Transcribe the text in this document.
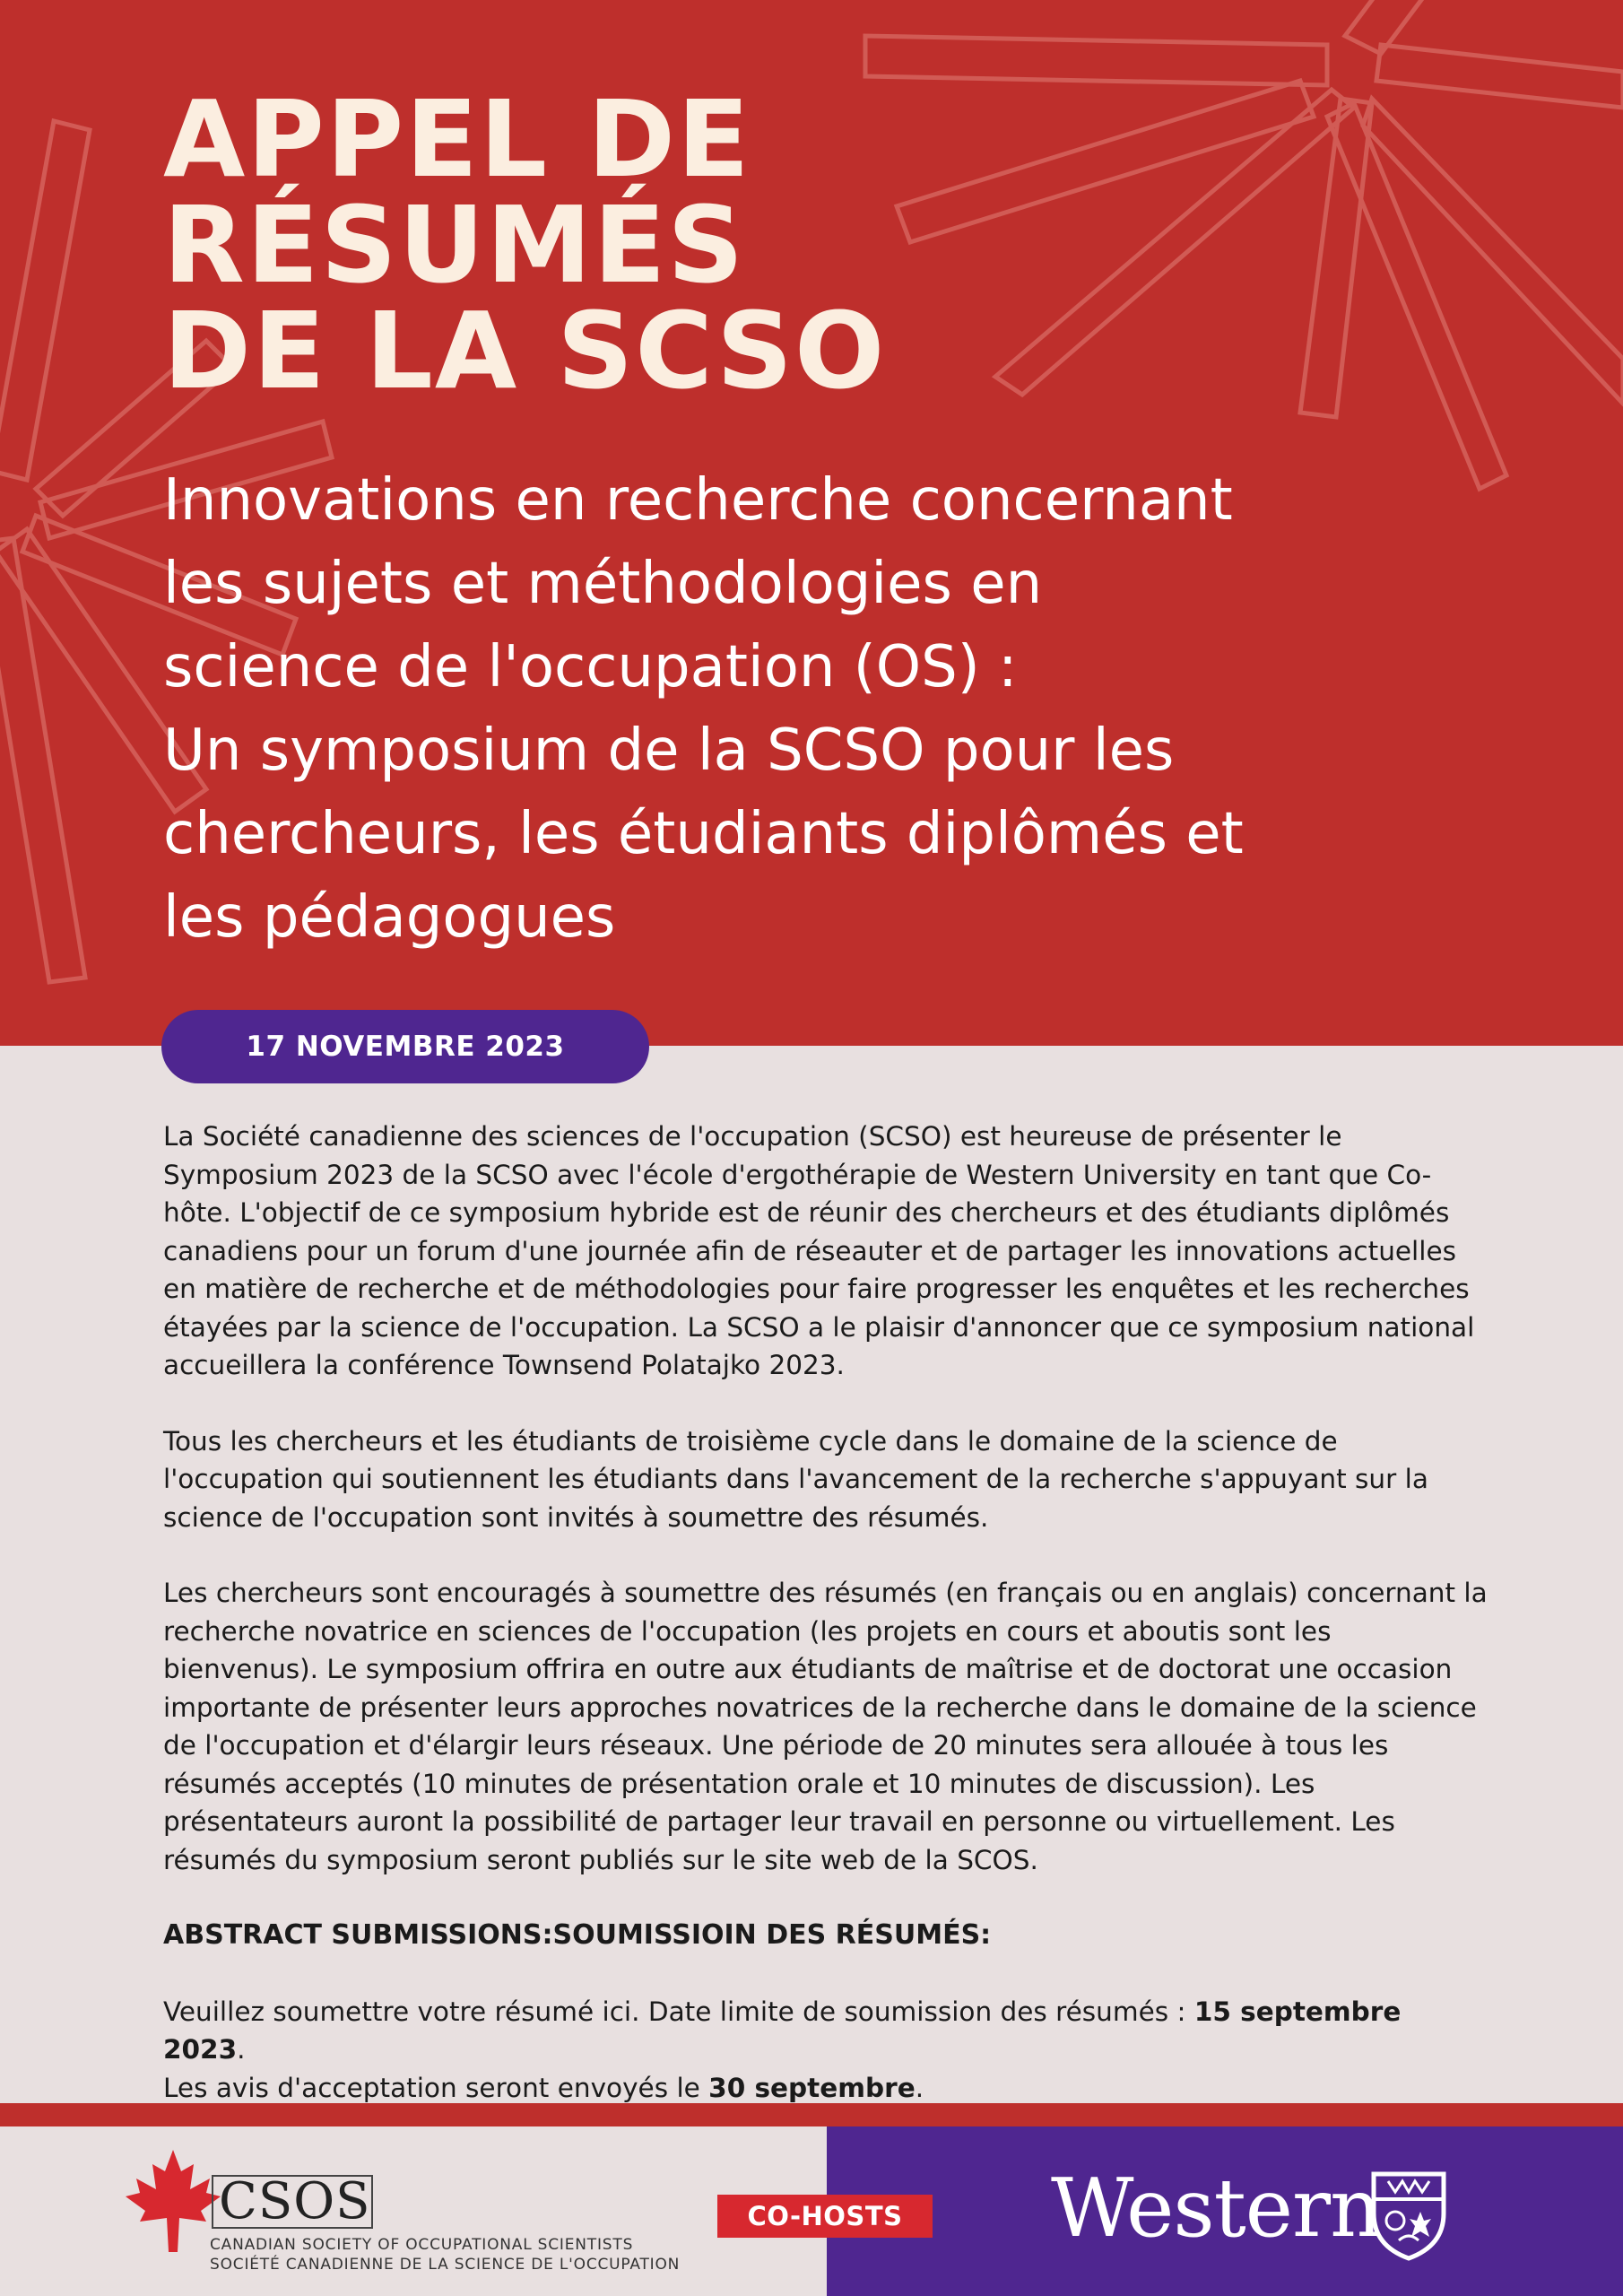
APPEL DE
RÉSUMÉS
DE LA SCSO
Innovations en recherche concernant
les sujets et méthodologies en
science de l'occupation (OS) :
Un symposium de la SCSO pour les
chercheurs, les étudiants diplômés et
les pédagogues
17 NOVEMBRE 2023

La Société canadienne des sciences de l'occupation (SCSO) est heureuse de présenter le Symposium 2023 de la SCSO avec l'école d'ergothérapie de Western University en tant que Co-hôte. L'objectif de ce symposium hybride est de réunir des chercheurs et des étudiants diplômés canadiens pour un forum d'une journée afin de réseauter et de partager les innovations actuelles en matière de recherche et de méthodologies pour faire progresser les enquêtes et les recherches étayées par la science de l'occupation. La SCSO a le plaisir d'annoncer que ce symposium national accueillera la conférence Townsend Polatajko 2023.

Tous les chercheurs et les étudiants de troisième cycle dans le domaine de la science de l'occupation qui soutiennent les étudiants dans l'avancement de la recherche s'appuyant sur la science de l'occupation sont invités à soumettre des résumés.

Les chercheurs sont encouragés à soumettre des résumés (en français ou en anglais) concernant la recherche novatrice en sciences de l'occupation (les projets en cours et aboutis sont les bienvenus). Le symposium offrira en outre aux étudiants de maîtrise et de doctorat une occasion importante de présenter leurs approches novatrices de la recherche dans le domaine de la science de l'occupation et d'élargir leurs réseaux. Une période de 20 minutes sera allouée à tous les résumés acceptés (10 minutes de présentation orale et 10 minutes de discussion). Les présentateurs auront la possibilité de partager leur travail en personne ou virtuellement. Les résumés du symposium seront publiés sur le site web de la SCOS.

ABSTRACT SUBMISSIONS:SOUMISSIOIN DES RÉSUMÉS:
Veuillez soumettre votre résumé ici. Date limite de soumission des résumés : 15 septembre 2023.
Les avis d'acceptation seront envoyés le 30 septembre.
CSOS
CANADIAN SOCIETY OF OCCUPATIONAL SCIENTISTS
SOCIÉTÉ CANADIENNE DE LA SCIENCE DE L'OCCUPATION
CO-HOSTS Western
